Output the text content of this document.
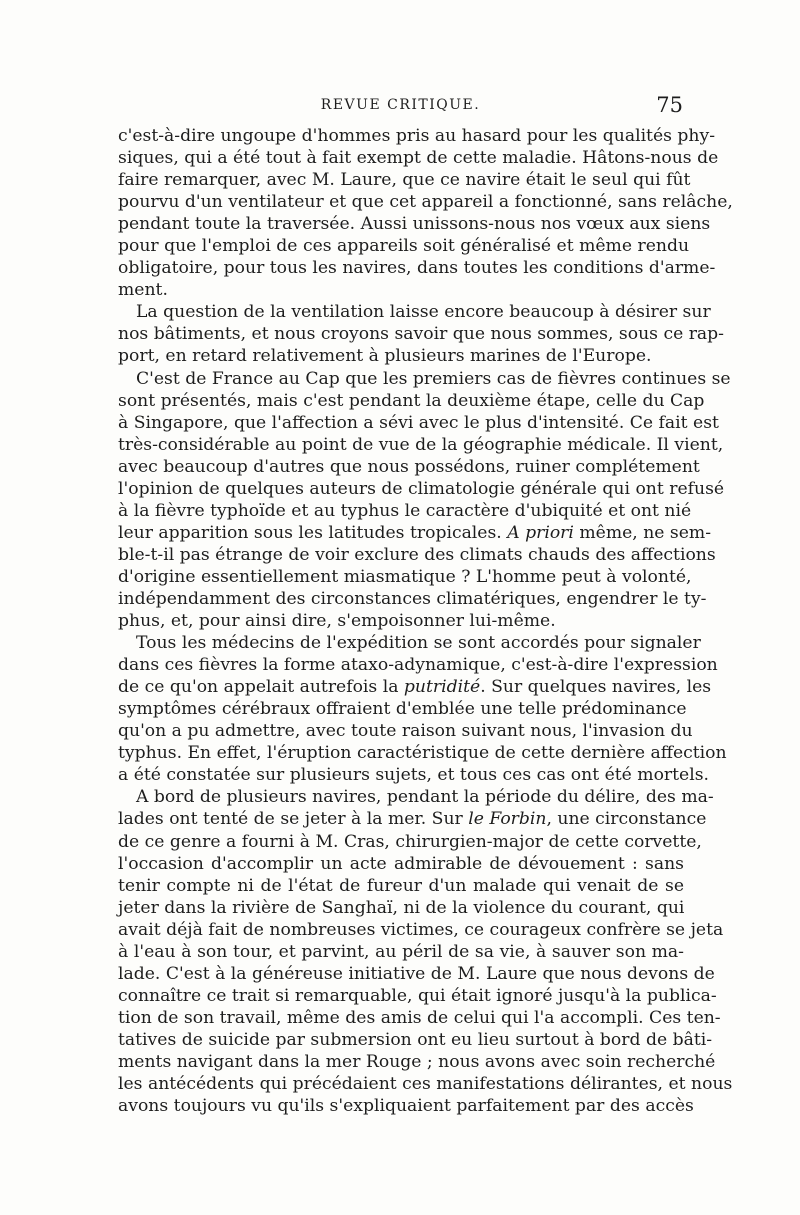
REVUE CRITIQUE.	75
c'est-à-dire ungoupe d'hommes pris au hasard pour les qualités phy-
siques, qui a été tout à fait exempt de cette maladie. Hâtons-nous de
faire remarquer, avec M. Laure, que ce navire était le seul qui fût
pourvu d'un ventilateur et que cet appareil a fonctionné, sans relâche,
pendant toute la traversée. Aussi unissons-nous nos vœux aux siens
pour que l'emploi de ces appareils soit généralisé et même rendu
obligatoire, pour tous les navires, dans toutes les conditions d'arme-
ment.
La question de la ventilation laisse encore beaucoup à désirer sur
nos bâtiments, et nous croyons savoir que nous sommes, sous ce rap-
port, en retard relativement à plusieurs marines de l'Europe.
C'est de France au Cap que les premiers cas de fièvres continues se
sont présentés, mais c'est pendant la deuxième étape, celle du Cap
à Singapore, que l'affection a sévi avec le plus d'intensité. Ce fait est
très-considérable au point de vue de la géographie médicale. Il vient,
avec beaucoup d'autres que nous possédons, ruiner complétement
l'opinion de quelques auteurs de climatologie générale qui ont refusé
à la fièvre typhoïde et au typhus le caractère d'ubiquité et ont nié
leur apparition sous les latitudes tropicales. A priori même, ne sem-
ble-t-il pas étrange de voir exclure des climats chauds des affections
d'origine essentiellement miasmatique ? L'homme peut à volonté,
indépendamment des circonstances climatériques, engendrer le ty-
phus, et, pour ainsi dire, s'empoisonner lui-même.
Tous les médecins de l'expédition se sont accordés pour signaler
dans ces fièvres la forme ataxo-adynamique, c'est-à-dire l'expression
de ce qu'on appelait autrefois la putridité. Sur quelques navires, les
symptômes cérébraux offraient d'emblée une telle prédominance
qu'on a pu admettre, avec toute raison suivant nous, l'invasion du
typhus. En effet, l'éruption caractéristique de cette dernière affection
a été constatée sur plusieurs sujets, et tous ces cas ont été mortels.
A bord de plusieurs navires, pendant la période du délire, des ma-
lades ont tenté de se jeter à la mer. Sur le Forbin, une circonstance
de ce genre a fourni à M. Cras, chirurgien-major de cette corvette,
l'occasion d'accomplir un acte admirable de dévouement : sans
tenir compte ni de l'état de fureur d'un malade qui venait de se
jeter dans la rivière de Sanghaï, ni de la violence du courant, qui
avait déjà fait de nombreuses victimes, ce courageux confrère se jeta
à l'eau à son tour, et parvint, au péril de sa vie, à sauver son ma-
lade. C'est à la généreuse initiative de M. Laure que nous devons de
connaître ce trait si remarquable, qui était ignoré jusqu'à la publica-
tion de son travail, même des amis de celui qui l'a accompli. Ces ten-
tatives de suicide par submersion ont eu lieu surtout à bord de bâti-
ments navigant dans la mer Rouge ; nous avons avec soin recherché
les antécédents qui précédaient ces manifestations délirantes, et nous
avons toujours vu qu'ils s'expliquaient parfaitement par des accès
